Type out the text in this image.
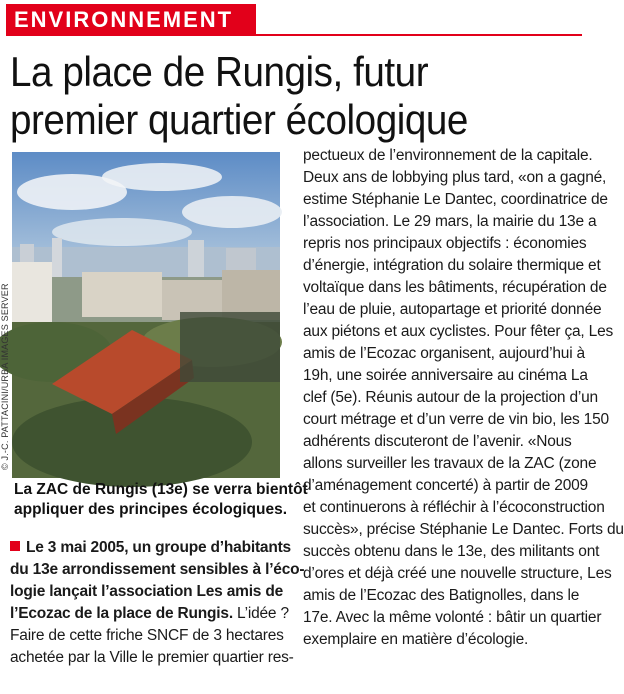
ENVIRONNEMENT
La place de Rungis, futur
premier quartier écologique
© J.-C. PATTACINI/URBA IMAGES SERVER
La ZAC de Rungis (13e) se verra bientôt
appliquer des principes écologiques.
Le 3 mai 2005, un groupe d’habitants
du 13e arrondissement sensibles à l’éco-
logie lançait l’association Les amis de
l’Ecozac de la place de Rungis. L’idée ?
Faire de cette friche SNCF de 3 hectares
achetée par la Ville le premier quartier res-
pectueux de l’environnement de la capitale.
Deux ans de lobbying plus tard, «on a gagné,
estime Stéphanie Le Dantec, coordinatrice de
l’association. Le 29 mars, la mairie du 13e a
repris nos principaux objectifs : économies
d’énergie, intégration du solaire thermique et
voltaïque dans les bâtiments, récupération de
l’eau de pluie, autopartage et priorité donnée
aux piétons et aux cyclistes. Pour fêter ça, Les
amis de l’Ecozac organisent, aujourd’hui à
19h, une soirée anniversaire au cinéma La
clef (5e). Réunis autour de la projection d’un
court métrage et d’un verre de vin bio, les 150
adhérents discuteront de l’avenir. «Nous
allons surveiller les travaux de la ZAC (zone
d’aménagement concerté) à partir de 2009
et continuerons à réfléchir à l’écoconstruction
succès», précise Stéphanie Le Dantec. Forts du
succès obtenu dans le 13e, des militants ont
d’ores et déjà créé une nouvelle structure, Les
amis de l’Ecozac des Batignolles, dans le
17e. Avec la même volonté : bâtir un quartier
exemplaire en matière d’écologie.
